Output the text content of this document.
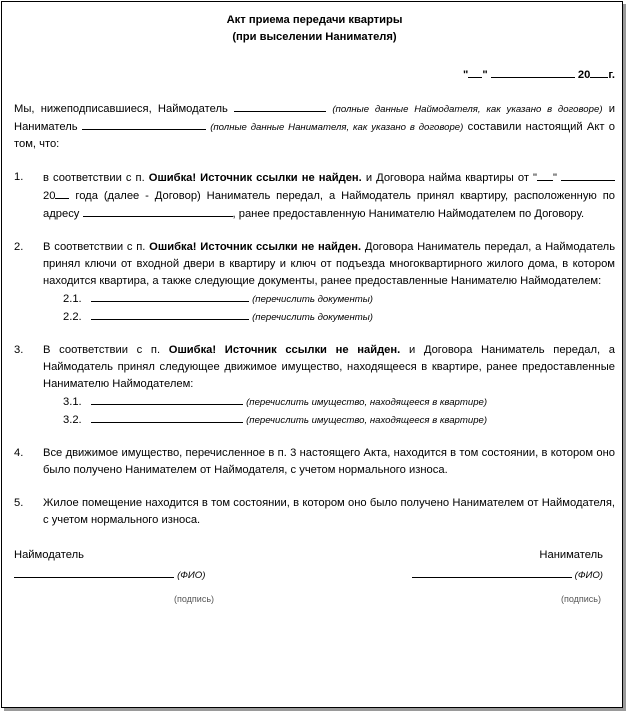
Акт приема передачи квартиры
(при выселении Нанимателя)
" "	20 г.
Мы, нижеподписавшиеся, Наймодатель	(полные данные Наймодателя, как указано в договоре) и Наниматель	(полные данные Нанимателя, как указано в договоре) составили настоящий Акт о том, что:
1. в соответствии с п. Ошибка! Источник ссылки не найден. и Договора найма квартиры от " "  20 года (далее - Договор) Наниматель передал, а Наймодатель принял квартиру, расположенную по адресу	, ранее предоставленную Нанимателю Наймодателем по Договору.
2. В соответствии с п. Ошибка! Источник ссылки не найден. Договора Наниматель передал, а Наймодатель принял ключи от входной двери в квартиру и ключ от подъезда многоквартирного жилого дома, в котором находится квартира, а также следующие документы, ранее предоставленные Нанимателю Наймодателем:
2.1.	(перечислить документы)
2.2.	(перечислить документы)
3. В соответствии с п. Ошибка! Источник ссылки не найден. и Договора Наниматель передал, а Наймодатель принял следующее движимое имущество, находящееся в квартире, ранее предоставленные Нанимателю Наймодателем:
3.1.	(перечислить имущество, находящееся в квартире)
3.2.	(перечислить имущество, находящееся в квартире)
4. Все движимое имущество, перечисленное в п. 3 настоящего Акта, находится в том состоянии, в котором оно было получено Нанимателем от Наймодателя, с учетом нормального износа.
5. Жилое помещение находится в том состоянии, в котором оно было получено Нанимателем от Наймодателя, с учетом нормального износа.
Наймодатель	Наниматель
(ФИО)	(ФИО)
(подпись)	(подпись)
